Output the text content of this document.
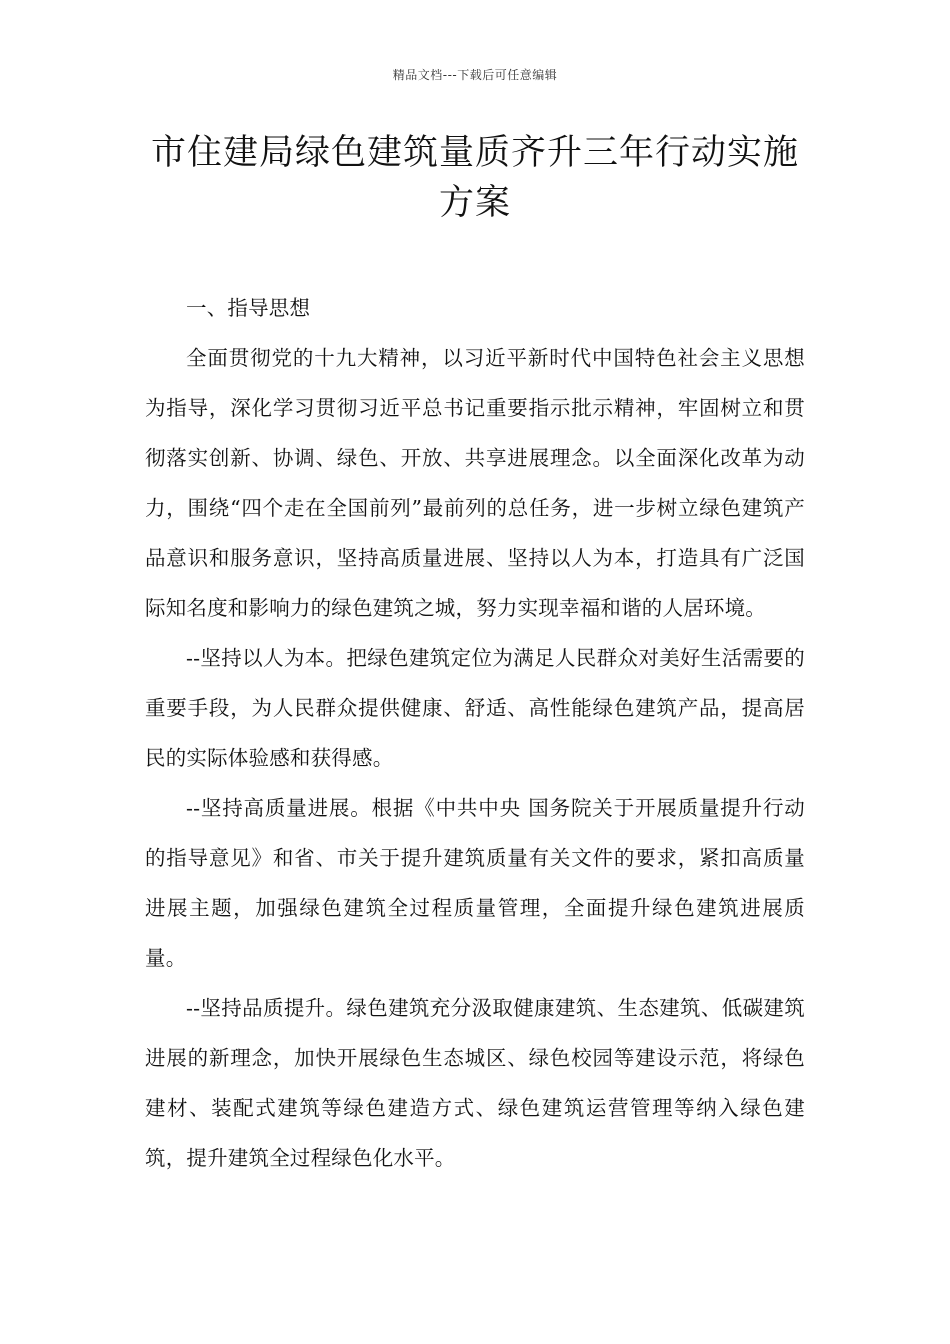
精品文档---下载后可任意编辑
市住建局绿色建筑量质齐升三年行动实施方案

一、指导思想

全面贯彻党的十九大精神，以习近平新时代中国特色社会主义思想为指导，深化学习贯彻习近平总书记重要指示批示精神，牢固树立和贯彻落实创新、协调、绿色、开放、共享进展理念。以全面深化改革为动力，围绕“四个走在全国前列”最前列的总任务，进一步树立绿色建筑产品意识和服务意识，坚持高质量进展、坚持以人为本，打造具有广泛国际知名度和影响力的绿色建筑之城，努力实现幸福和谐的人居环境。

--坚持以人为本。把绿色建筑定位为满足人民群众对美好生活需要的重要手段，为人民群众提供健康、舒适、高性能绿色建筑产品，提高居民的实际体验感和获得感。

--坚持高质量进展。根据《中共中央 国务院关于开展质量提升行动的指导意见》和省、市关于提升建筑质量有关文件的要求，紧扣高质量进展主题，加强绿色建筑全过程质量管理，全面提升绿色建筑进展质量。

--坚持品质提升。绿色建筑充分汲取健康建筑、生态建筑、低碳建筑进展的新理念，加快开展绿色生态城区、绿色校园等建设示范，将绿色建材、装配式建筑等绿色建造方式、绿色建筑运营管理等纳入绿色建筑，提升建筑全过程绿色化水平。
